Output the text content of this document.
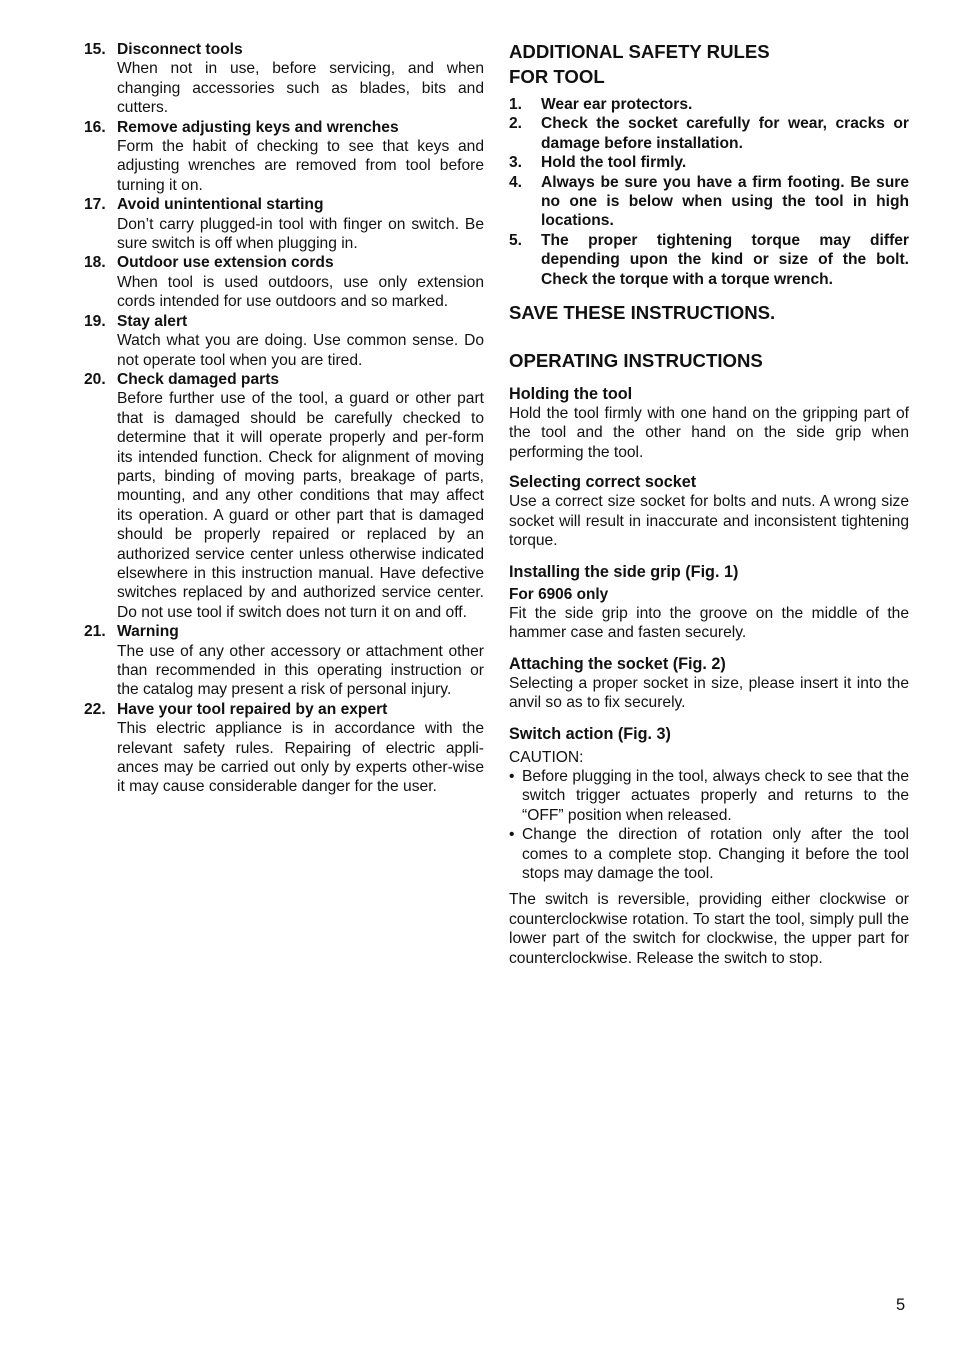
15. Disconnect tools
When not in use, before servicing, and when changing accessories such as blades, bits and cutters.
16. Remove adjusting keys and wrenches
Form the habit of checking to see that keys and adjusting wrenches are removed from tool before turning it on.
17. Avoid unintentional starting
Don’t carry plugged-in tool with finger on switch. Be sure switch is off when plugging in.
18. Outdoor use extension cords
When tool is used outdoors, use only extension cords intended for use outdoors and so marked.
19. Stay alert
Watch what you are doing. Use common sense. Do not operate tool when you are tired.
20. Check damaged parts
Before further use of the tool, a guard or other part that is damaged should be carefully checked to determine that it will operate properly and per-form its intended function. Check for alignment of moving parts, binding of moving parts, breakage of parts, mounting, and any other conditions that may affect its operation. A guard or other part that is damaged should be properly repaired or replaced by an authorized service center unless otherwise indicated elsewhere in this instruction manual. Have defective switches replaced by and authorized service center. Do not use tool if switch does not turn it on and off.
21. Warning
The use of any other accessory or attachment other than recommended in this operating instruction or the catalog may present a risk of personal injury.
22. Have your tool repaired by an expert
This electric appliance is in accordance with the relevant safety rules. Repairing of electric appli-ances may be carried out only by experts other-wise it may cause considerable danger for the user.
ADDITIONAL SAFETY RULES
FOR TOOL
1. Wear ear protectors.
2. Check the socket carefully for wear, cracks or damage before installation.
3. Hold the tool firmly.
4. Always be sure you have a firm footing. Be sure no one is below when using the tool in high locations.
5. The proper tightening torque may differ depending upon the kind or size of the bolt. Check the torque with a torque wrench.
SAVE THESE INSTRUCTIONS.
OPERATING INSTRUCTIONS
Holding the tool
Hold the tool firmly with one hand on the gripping part of the tool and the other hand on the side grip when performing the tool.
Selecting correct socket
Use a correct size socket for bolts and nuts. A wrong size socket will result in inaccurate and inconsistent tightening torque.
Installing the side grip (Fig. 1)
For 6906 only
Fit the side grip into the groove on the middle of the hammer case and fasten securely.
Attaching the socket (Fig. 2)
Selecting a proper socket in size, please insert it into the anvil so as to fix securely.
Switch action (Fig. 3)
CAUTION:
• Before plugging in the tool, always check to see that the switch trigger actuates properly and returns to the “OFF” position when released.
• Change the direction of rotation only after the tool comes to a complete stop. Changing it before the tool stops may damage the tool.
The switch is reversible, providing either clockwise or counterclockwise rotation. To start the tool, simply pull the lower part of the switch for clockwise, the upper part for counterclockwise. Release the switch to stop.
5
